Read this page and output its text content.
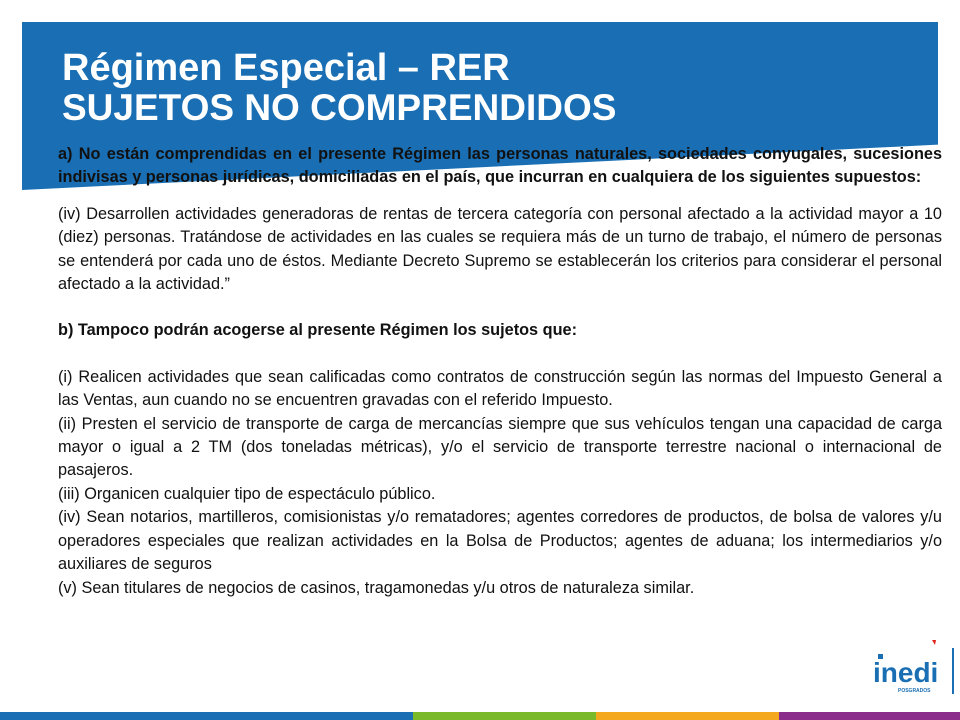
Régimen Especial – RER
SUJETOS NO COMPRENDIDOS

a) No están comprendidas en el presente Régimen las personas naturales, sociedades conyugales, sucesiones indivisas y personas jurídicas, domiciliadas en el país, que incurran en cualquiera de los siguientes supuestos:

(iv) Desarrollen actividades generadoras de rentas de tercera categoría con personal afectado a la actividad mayor a 10 (diez) personas. Tratándose de actividades en las cuales se requiera más de un turno de trabajo, el número de personas se entenderá por cada uno de éstos. Mediante Decreto Supremo se establecerán los criterios para considerar el personal afectado a la actividad.”

b) Tampoco podrán acogerse al presente Régimen los sujetos que:

(i) Realicen actividades que sean calificadas como contratos de construcción según las normas del Impuesto General a las Ventas, aun cuando no se encuentren gravadas con el referido Impuesto.

(ii) Presten el servicio de transporte de carga de mercancías siempre que sus vehículos tengan una capacidad de carga mayor o igual a 2 TM (dos toneladas métricas), y/o el servicio de transporte terrestre nacional o internacional de pasajeros.

(iii) Organicen cualquier tipo de espectáculo público.

(iv) Sean notarios, martilleros, comisionistas y/o rematadores; agentes corredores de productos, de bolsa de valores y/u operadores especiales que realizan actividades en la Bolsa de Productos; agentes de aduana; los intermediarios y/o auxiliares de seguros

(v) Sean titulares de negocios de casinos, tragamonedas y/u otros de naturaleza similar.

inedi
POSGRADOS
